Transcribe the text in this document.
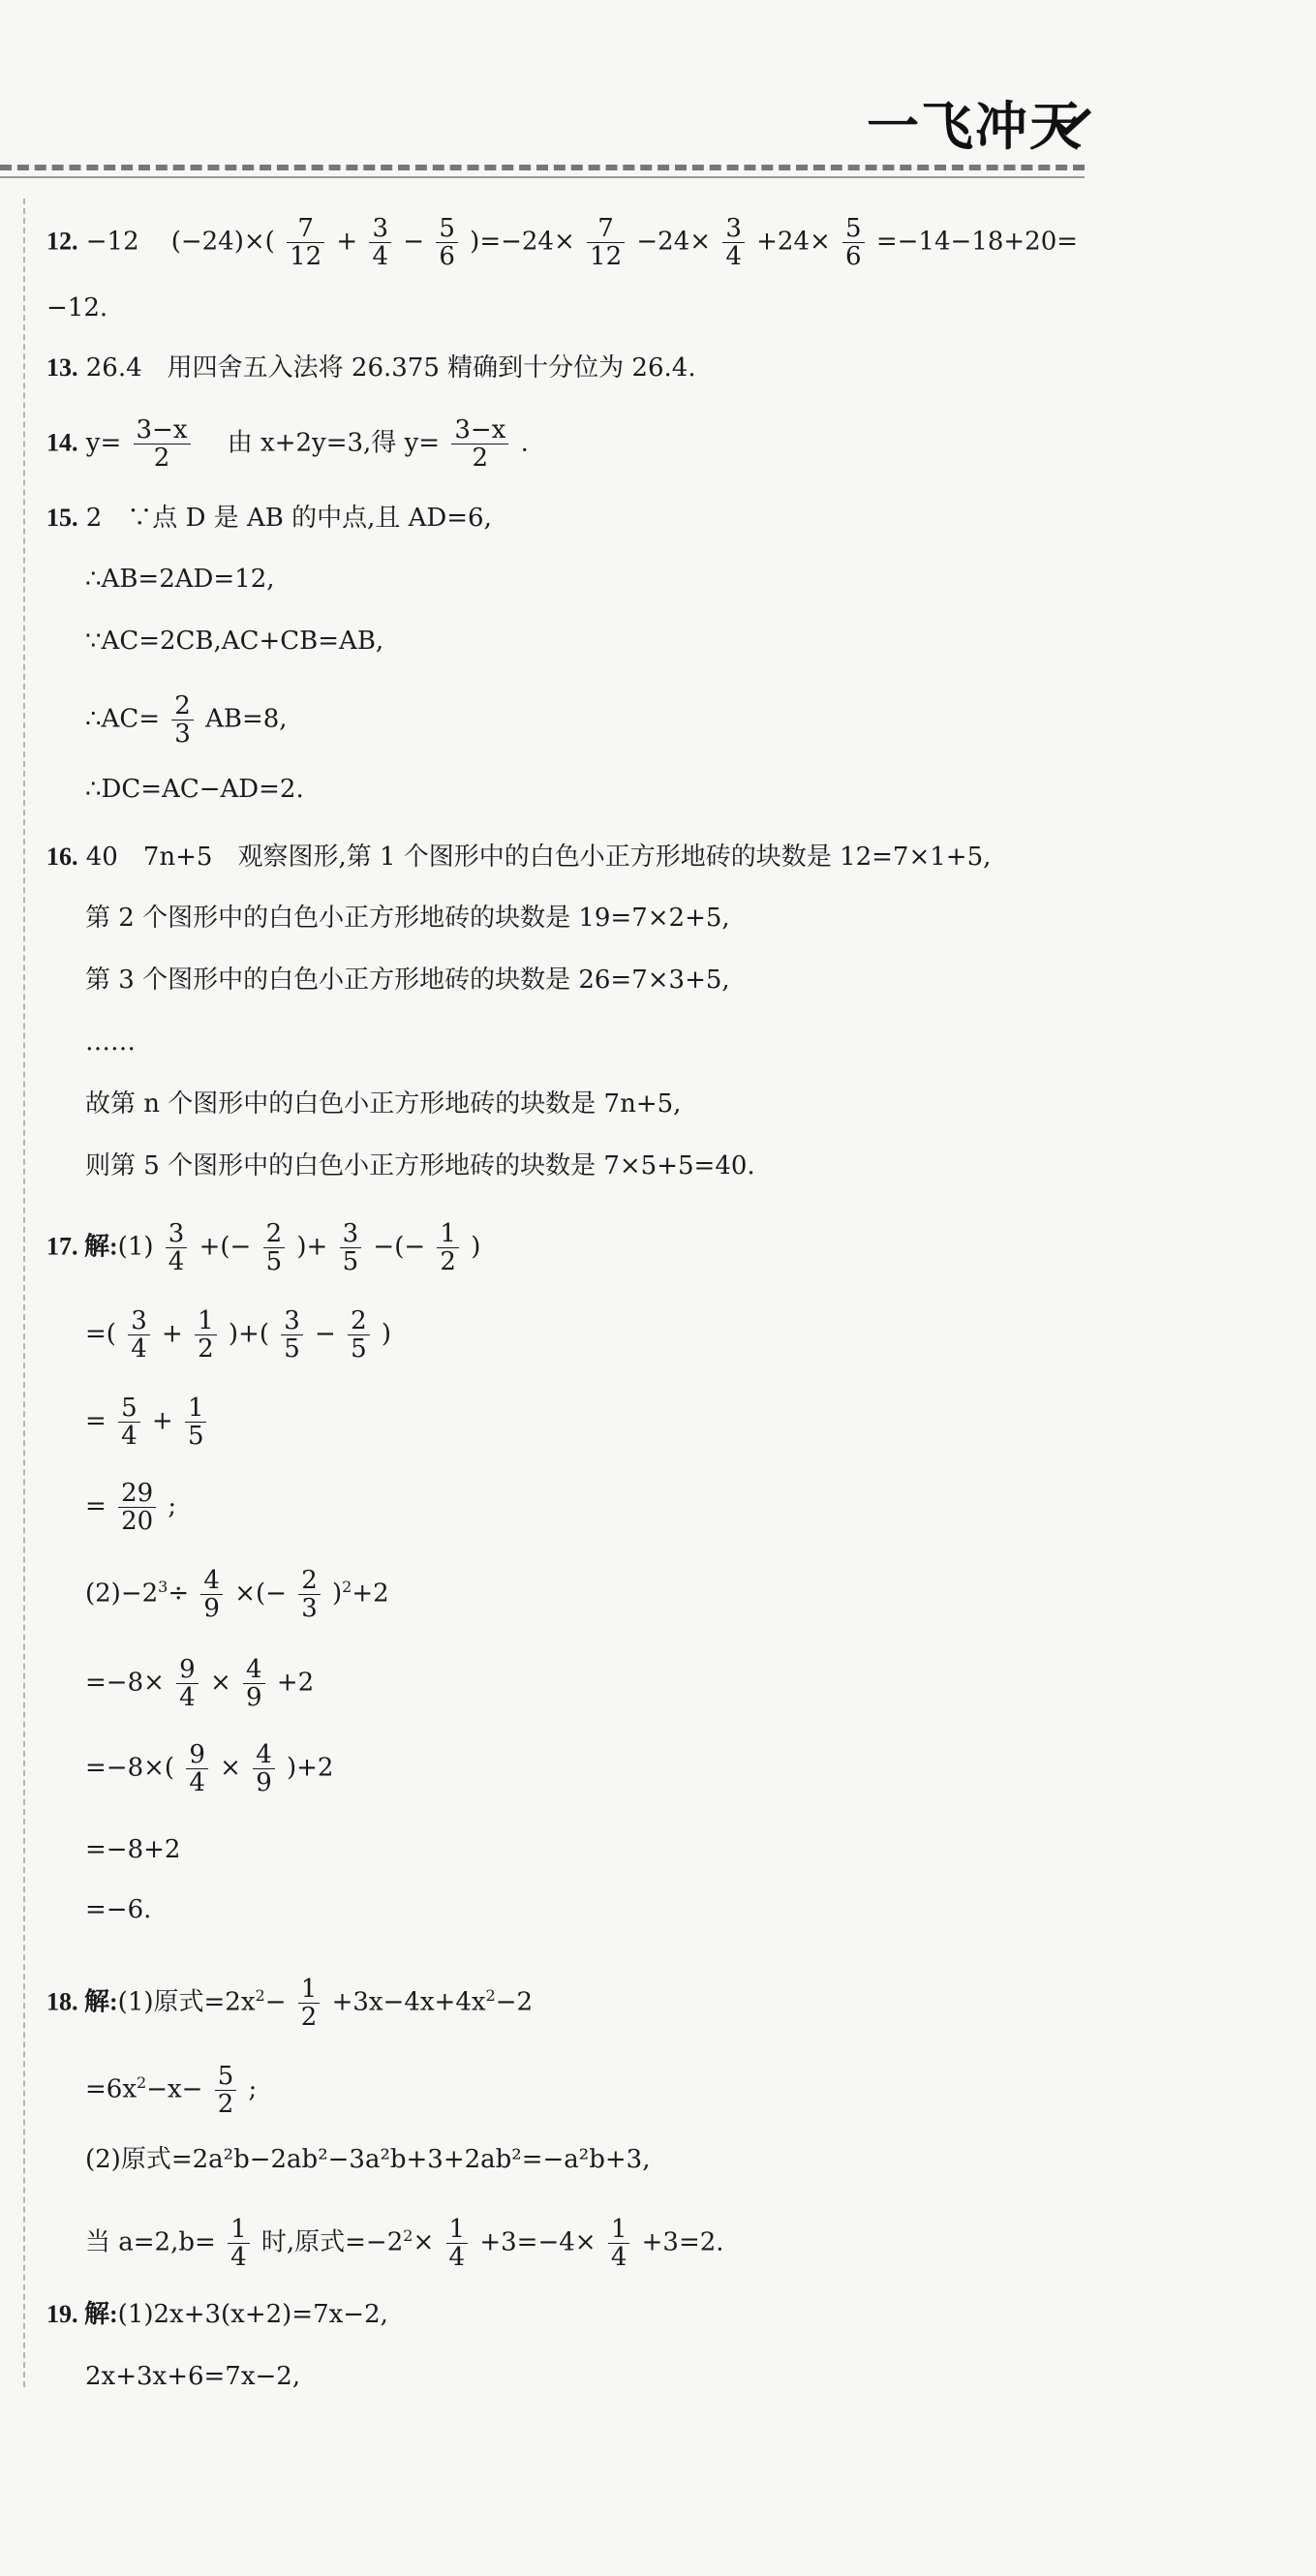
一飞冲天
12. −12 $(-24)\times( \frac{7}{12} + \frac{3}{4} - \frac{5}{6} )=-24\times \frac{7}{12} -24\times \frac{3}{4} +24\times \frac{5}{6} =-14-18+20=$
−12.
13. 26.4　用四舍五入法将 26.375 精确到十分位为 26.4.
14. $y= \frac{3-x}{2}$ 　由 x+2y=3,得 $y= \frac{3-x}{2}$ .
15. 2　∵点 D 是 AB 的中点,且 AD=6,
∴AB=2AD=12,
∵AC=2CB,AC+CB=AB,
∴AC= $\frac{2}{3} AB=8$,
∴DC=AC−AD=2.
16. 40　7n+5　观察图形,第 1 个图形中的白色小正方形地砖的块数是 12=7×1+5,
第 2 个图形中的白色小正方形地砖的块数是 19=7×2+5,
第 3 个图形中的白色小正方形地砖的块数是 26=7×3+5,
……
故第 n 个图形中的白色小正方形地砖的块数是 7n+5,
则第 5 个图形中的白色小正方形地砖的块数是 7×5+5=40.
17. 解:(1) $\frac{3}{4}$ +(− $\frac{2}{5}$ )+ $\frac{3}{5}$ −(− $\frac{1}{2}$ )
=( $\frac{3}{4} + \frac{1}{2}$ )+( $\frac{3}{5} - \frac{2}{5}$ )
= $\frac{5}{4} + \frac{1}{5}$
= $\frac{29}{20}$ ;
$(2)-2^3\div \frac{4}{9}$ ×(− $\frac{2}{3} )^2+2$
$=-8\times \frac{9}{4} \times \frac{4}{9} +2$
$=-8\times( \frac{9}{4} \times \frac{4}{9} )+2$
=−8+2
=−6.
18. 解:(1)原式$=2x^2- \frac{1}{2} +3x-4x+4x^2-2$
$=6x^2-x- \frac{5}{2}$ ;
(2)原式=2a²b−2ab²−3a²b+3+2ab²=−a²b+3,
当 $a=2,b= \frac{1}{4}$ 时,原式$=-2^2\times \frac{1}{4} +3=-4\times \frac{1}{4} +3=2$.
19. 解:(1)2x+3(x+2)=7x−2,
2x+3x+6=7x−2,
